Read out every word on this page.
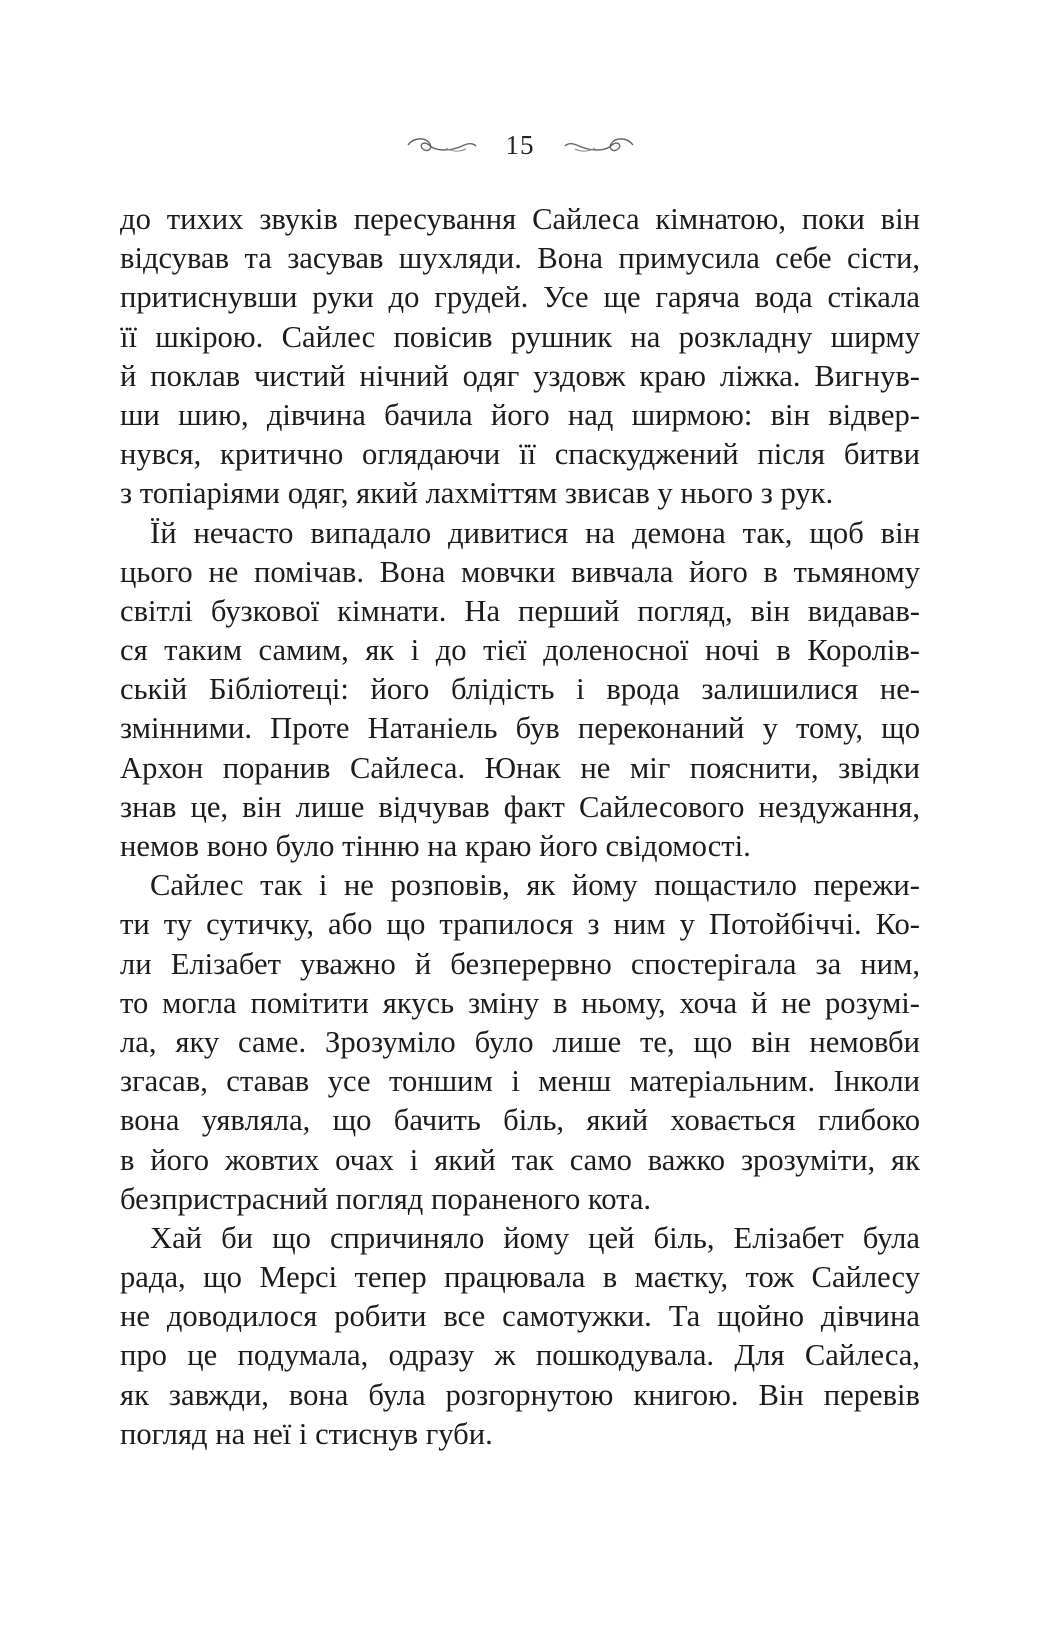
15
до тихих звуків пересування Сайлеса кімнатою, поки він
відсував та засував шухляди. Вона примусила себе сісти,
притиснувши руки до грудей. Усе ще гаряча вода стікала
її шкірою. Сайлес повісив рушник на розкладну ширму
й поклав чистий нічний одяг уздовж краю ліжка. Вигнув-
ши шию, дівчина бачила його над ширмою: він відвер-
нувся, критично оглядаючи її спаскуджений після битви
з топіаріями одяг, який лахміттям звисав у нього з рук.
Їй нечасто випадало дивитися на демона так, щоб він
цього не помічав. Вона мовчки вивчала його в тьмяному
світлі бузкової кімнати. На перший погляд, він видавав-
ся таким самим, як і до тієї доленосної ночі в Королів-
ській Бібліотеці: його блідість і врода залишилися не-
змінними. Проте Натаніель був переконаний у тому, що
Архон поранив Сайлеса. Юнак не міг пояснити, звідки
знав це, він лише відчував факт Сайлесового нездужання,
немов воно було тінню на краю його свідомості.
Сайлес так і не розповів, як йому пощастило пережи-
ти ту сутичку, або що трапилося з ним у Потойбіччі. Ко-
ли Елізабет уважно й безперервно спостерігала за ним,
то могла помітити якусь зміну в ньому, хоча й не розумі-
ла, яку саме. Зрозуміло було лише те, що він немовби
згасав, ставав усе тоншим і менш матеріальним. Інколи
вона уявляла, що бачить біль, який ховається глибоко
в його жовтих очах і який так само важко зрозуміти, як
безпристрасний погляд пораненого кота.
Хай би що спричиняло йому цей біль, Елізабет була
рада, що Мерсі тепер працювала в маєтку, тож Сайлесу
не доводилося робити все самотужки. Та щойно дівчина
про це подумала, одразу ж пошкодувала. Для Сайлеса,
як завжди, вона була розгорнутою книгою. Він перевів
погляд на неї і стиснув губи.
